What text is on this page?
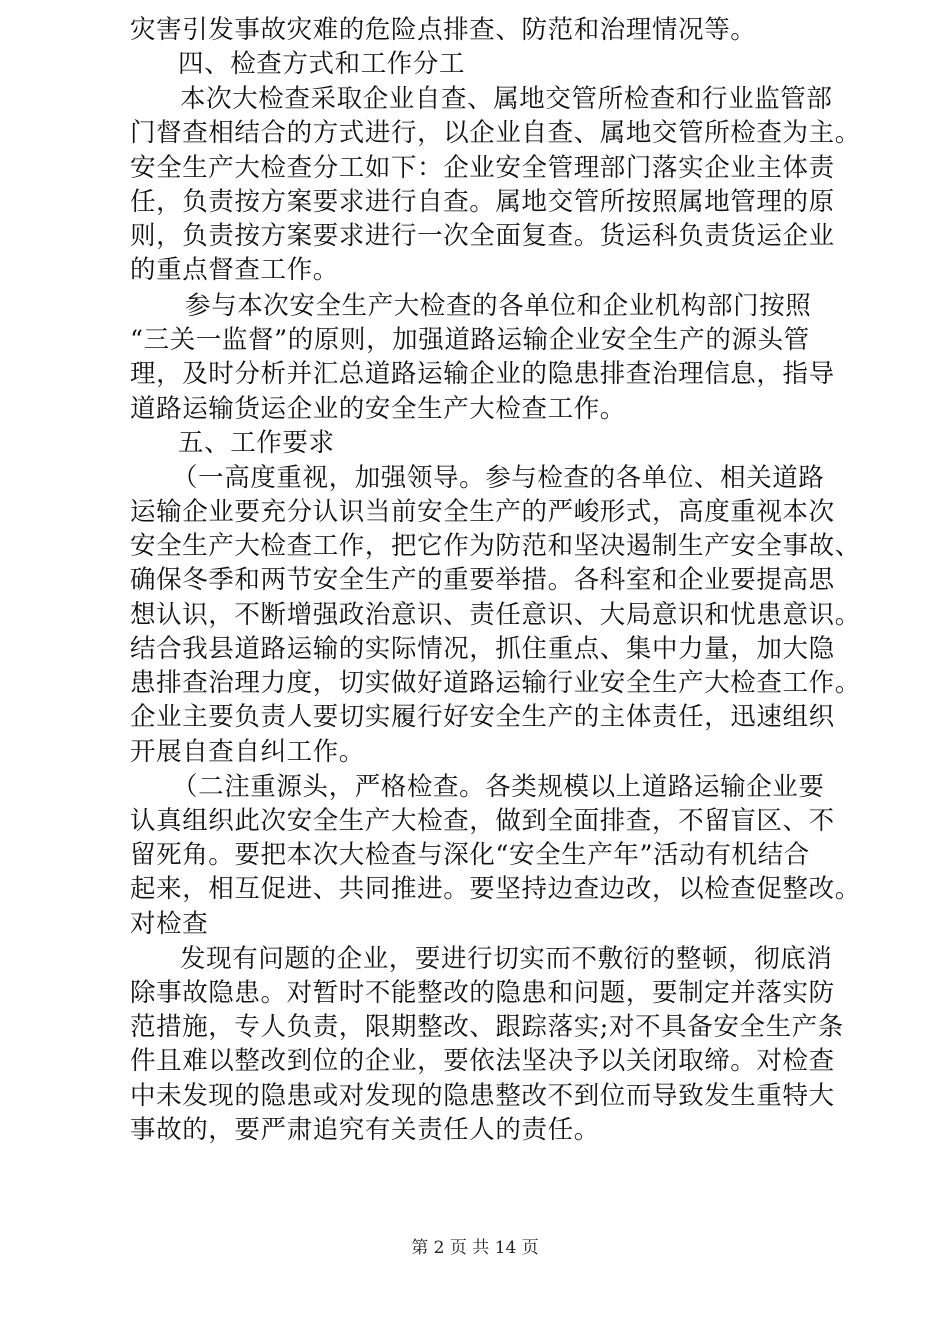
灾害引发事故灾难的危险点排查、防范和治理情况等。
四、检查方式和工作分工
本次大检查采取企业自查、属地交管所检查和行业监管部
门督查相结合的方式进行，以企业自查、属地交管所检查为主。
安全生产大检查分工如下：企业安全管理部门落实企业主体责
任，负责按方案要求进行自查。属地交管所按照属地管理的原
则，负责按方案要求进行一次全面复查。货运科负责货运企业
的重点督查工作。
参与本次安全生产大检查的各单位和企业机构部门按照
“三关一监督”的原则，加强道路运输企业安全生产的源头管
理，及时分析并汇总道路运输企业的隐患排查治理信息，指导
道路运输货运企业的安全生产大检查工作。
五、工作要求
（一高度重视，加强领导。参与检查的各单位、相关道路
运输企业要充分认识当前安全生产的严峻形式，高度重视本次
安全生产大检查工作，把它作为防范和坚决遏制生产安全事故、
确保冬季和两节安全生产的重要举措。各科室和企业要提高思
想认识，不断增强政治意识、责任意识、大局意识和忧患意识。
结合我县道路运输的实际情况，抓住重点、集中力量，加大隐
患排查治理力度，切实做好道路运输行业安全生产大检查工作。
企业主要负责人要切实履行好安全生产的主体责任，迅速组织
开展自查自纠工作。
（二注重源头，严格检查。各类规模以上道路运输企业要
认真组织此次安全生产大检查，做到全面排查，不留盲区、不
留死角。要把本次大检查与深化“安全生产年”活动有机结合
起来，相互促进、共同推进。要坚持边查边改，以检查促整改。
对检查
发现有问题的企业，要进行切实而不敷衍的整顿，彻底消
除事故隐患。对暂时不能整改的隐患和问题，要制定并落实防
范措施，专人负责，限期整改、跟踪落实;对不具备安全生产条
件且难以整改到位的企业，要依法坚决予以关闭取缔。对检查
中未发现的隐患或对发现的隐患整改不到位而导致发生重特大
事故的，要严肃追究有关责任人的责任。
第 2 页 共 14 页
